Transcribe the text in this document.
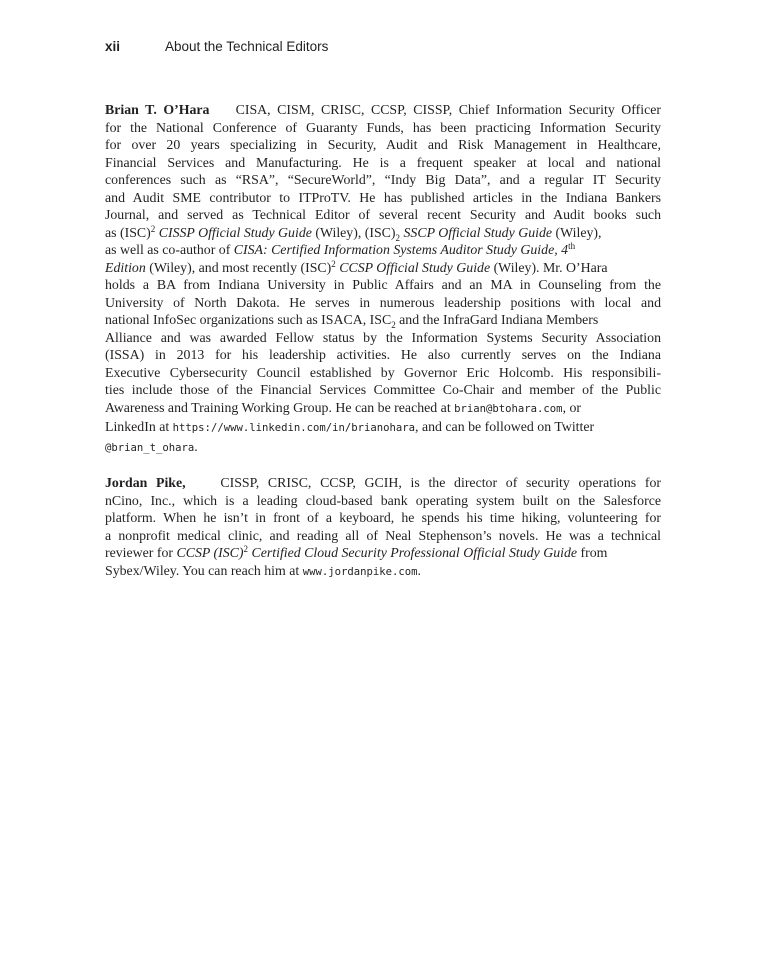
xii	About the Technical Editors

Brian T. O’Hara CISA, CISM, CRISC, CCSP, CISSP, Chief Information Security Officer
for the National Conference of Guaranty Funds, has been practicing Information Security
for over 20 years specializing in Security, Audit and Risk Management in Healthcare,
Financial Services and Manufacturing. He is a frequent speaker at local and national
conferences such as “RSA”, “SecureWorld”, “Indy Big Data”, and a regular IT Security
and Audit SME contributor to ITProTV. He has published articles in the Indiana Bankers
Journal, and served as Technical Editor of several recent Security and Audit books such
as (ISC)$^2$ CISSP Official Study Guide (Wiley), $(ISC)_2$ SSCP Official Study Guide (Wiley),
as well as co-author of CISA: Certified Information Systems Auditor Study Guide, 4th
Edition (Wiley), and most recently (ISC)$^2$ CCSP Official Study Guide (Wiley). Mr. O’Hara
holds a BA from Indiana University in Public Affairs and an MA in Counseling from the
University of North Dakota. He serves in numerous leadership positions with local and
national InfoSec organizations such as ISACA, $ISC_2$ and the InfraGard Indiana Members
Alliance and was awarded Fellow status by the Information Systems Security Association
(ISSA) in 2013 for his leadership activities. He also currently serves on the Indiana
Executive Cybersecurity Council established by Governor Eric Holcomb. His responsibili-
ties include those of the Financial Services Committee Co-Chair and member of the Public
Awareness and Training Working Group. He can be reached at brian@btohara.com, or
LinkedIn at https://www.linkedin.com/in/brianohara, and can be followed on Twitter
@brian_t_ohara.

Jordan Pike,	CISSP, CRISC, CCSP, GCIH, is the director of security operations for
nCino, Inc., which is a leading cloud-based bank operating system built on the Salesforce
platform. When he isn’t in front of a keyboard, he spends his time hiking, volunteering for
a nonprofit medical clinic, and reading all of Neal Stephenson’s novels. He was a technical
reviewer for CCSP (ISC)$^2$ Certified Cloud Security Professional Official Study Guide from
Sybex/Wiley. You can reach him at www.jordanpike.com.
